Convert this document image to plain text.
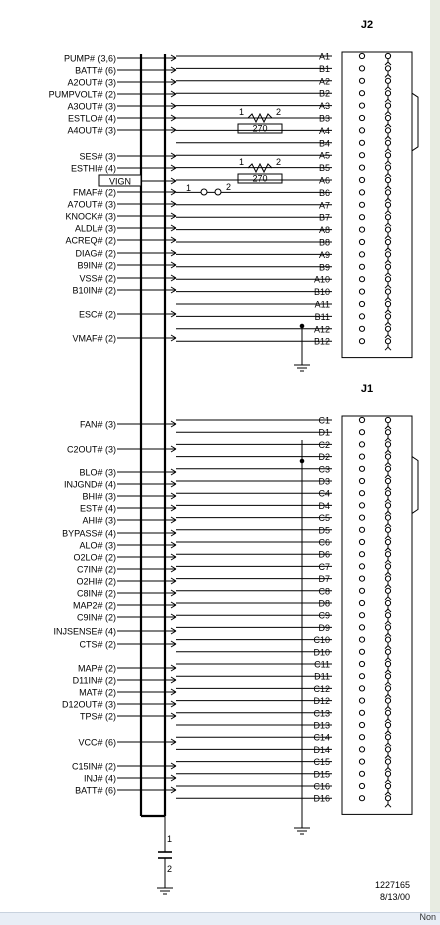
PUMP# (3,6)
BATT# (6)
A2OUT# (3)
PUMPVOLT# (2)
A3OUT# (3)
ESTLO# (4)
A4OUT# (3)
SES# (3)
ESTHI# (4)
VIGN
FMAF# (2)
A7OUT# (3)
KNOCK# (3)
ALDL# (3)
ACREQ# (2)
DIAG# (2)
B9IN# (2)
VSS# (2)
B10IN# (2)
ESC# (2)
VMAF# (2)
FAN# (3)
C2OUT# (3)
BLO# (3)
INJGND# (4)
BHI# (3)
EST# (4)
AHI# (3)
BYPASS# (4)
ALO# (3)
O2LO# (2)
C7IN# (2)
O2HI# (2)
C8IN# (2)
MAP2# (2)
C9IN# (2)
INJSENSE# (4)
CTS# (2)
MAP# (2)
D11IN# (2)
MAT# (2)
D12OUT# (3)
TPS# (2)
VCC# (6)
C15IN# (2)
INJ# (4)
BATT# (6)
J2
A1
B1
A2
B2
A3
B3
A4
B4
A5
B5
A6
B6
A7
B7
A8
B8
A9
B9
A10
B10
A11
B11
A12
B12
J1
C1
D1
C2
D2
C3
D3
C4
D4
C5
D5
C6
D6
C7
D7
C8
D8
C9
D9
C10
D10
C11
D11
C12
D12
C13
D13
C14
D14
C15
D15
C16
D16
1	2
270
1	2
270
1	2
1
2
1227165
8/13/00
Non
